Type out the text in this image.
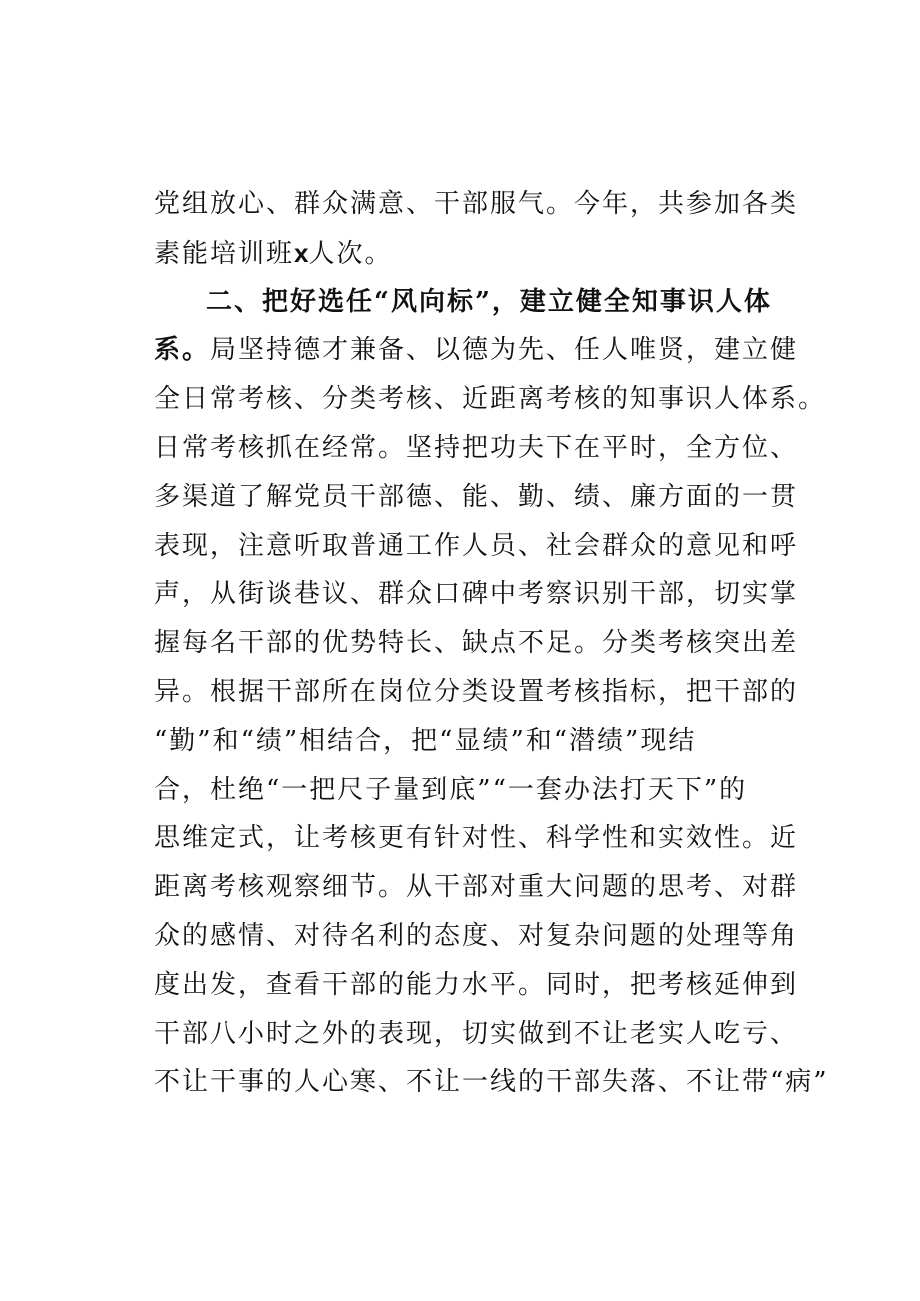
党组放心、群众满意、干部服气。今年，共参加各类
素能培训班x人次。
二、把好选任“风向标”，建立健全知事识人体
系。局坚持德才兼备、以德为先、任人唯贤，建立健
全日常考核、分类考核、近距离考核的知事识人体系。
日常考核抓在经常。坚持把功夫下在平时，全方位、
多渠道了解党员干部德、能、勤、绩、廉方面的一贯
表现，注意听取普通工作人员、社会群众的意见和呼
声，从街谈巷议、群众口碑中考察识别干部，切实掌
握每名干部的优势特长、缺点不足。分类考核突出差
异。根据干部所在岗位分类设置考核指标，把干部的
“勤”和“绩”相结合，把“显绩”和“潜绩”现结
合，杜绝“一把尺子量到底”“一套办法打天下”的
思维定式，让考核更有针对性、科学性和实效性。近
距离考核观察细节。从干部对重大问题的思考、对群
众的感情、对待名利的态度、对复杂问题的处理等角
度出发，查看干部的能力水平。同时，把考核延伸到
干部八小时之外的表现，切实做到不让老实人吃亏、
不让干事的人心寒、不让一线的干部失落、不让带“病”
